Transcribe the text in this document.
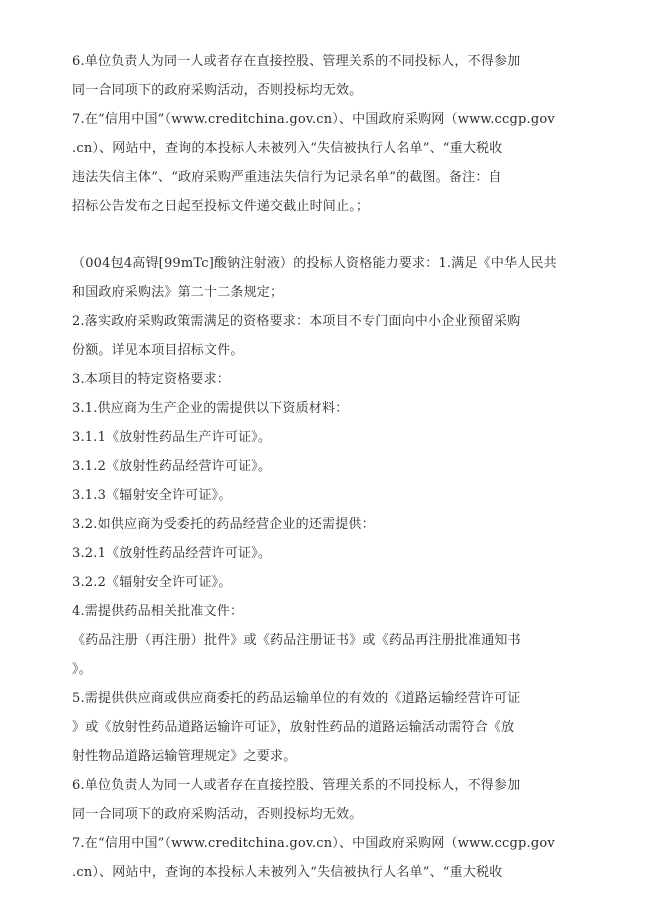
6.单位负责人为同一人或者存在直接控股、管理关系的不同投标人，不得参加
同一合同项下的政府采购活动，否则投标均无效。
7.在“信用中国”（www.creditchina.gov.cn）、中国政府采购网（www.ccgp.gov
.cn）、网站中，查询的本投标人未被列入“失信被执行人名单”、“重大税收
违法失信主体”、“政府采购严重违法失信行为记录名单”的截图。备注：自
招标公告发布之日起至投标文件递交截止时间止。；
（004包4高锝[99mTc]酸钠注射液）的投标人资格能力要求：1.满足《中华人民共
和国政府采购法》第二十二条规定；
2.落实政府采购政策需满足的资格要求：本项目不专门面向中小企业预留采购
份额。详见本项目招标文件。
3.本项目的特定资格要求：
3.1.供应商为生产企业的需提供以下资质材料：
3.1.1《放射性药品生产许可证》。
3.1.2《放射性药品经营许可证》。
3.1.3《辐射安全许可证》。
3.2.如供应商为受委托的药品经营企业的还需提供：
3.2.1《放射性药品经营许可证》。
3.2.2《辐射安全许可证》。
4.需提供药品相关批准文件：
《药品注册（再注册）批件》或《药品注册证书》或《药品再注册批准通知书
》。
5.需提供供应商或供应商委托的药品运输单位的有效的《道路运输经营许可证
》或《放射性药品道路运输许可证》，放射性药品的道路运输活动需符合《放
射性物品道路运输管理规定》之要求。
6.单位负责人为同一人或者存在直接控股、管理关系的不同投标人，不得参加
同一合同项下的政府采购活动，否则投标均无效。
7.在“信用中国”（www.creditchina.gov.cn）、中国政府采购网（www.ccgp.gov
.cn）、网站中，查询的本投标人未被列入“失信被执行人名单”、“重大税收
